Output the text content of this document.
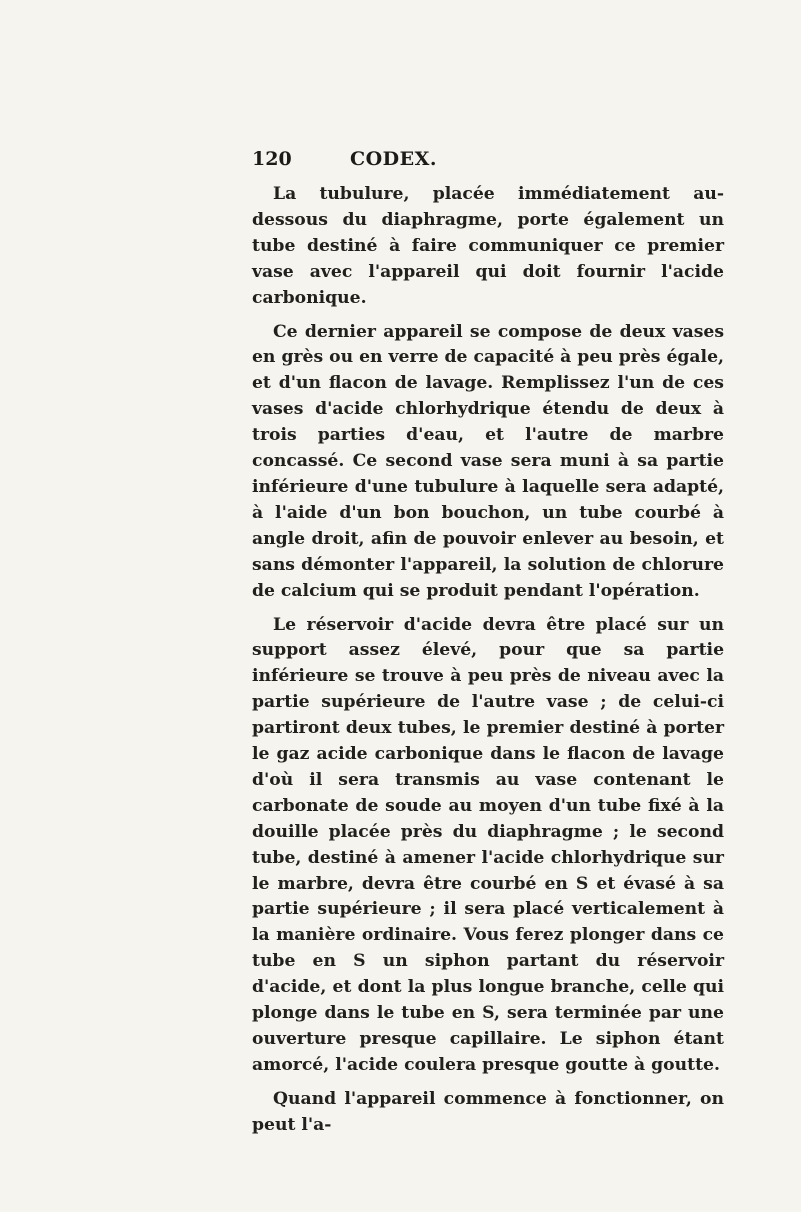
120	CODEX.

La tubulure, placée immédiatement au-dessous du diaphragme, porte également un tube destiné à faire communiquer ce premier vase avec l'appareil qui doit fournir l'acide carbonique.

Ce dernier appareil se compose de deux vases en grès ou en verre de capacité à peu près égale, et d'un flacon de lavage. Remplissez l'un de ces vases d'acide chlorhydrique étendu de deux à trois parties d'eau, et l'autre de marbre concassé. Ce second vase sera muni à sa partie inférieure d'une tubulure à laquelle sera adapté, à l'aide d'un bon bouchon, un tube courbé à angle droit, afin de pouvoir enlever au besoin, et sans démonter l'appareil, la solution de chlorure de calcium qui se produit pendant l'opération.

Le réservoir d'acide devra être placé sur un support assez élevé, pour que sa partie inférieure se trouve à peu près de niveau avec la partie supérieure de l'autre vase ; de celui-ci partiront deux tubes, le premier destiné à porter le gaz acide carbonique dans le flacon de lavage d'où il sera transmis au vase contenant le carbonate de soude au moyen d'un tube fixé à la douille placée près du diaphragme ; le second tube, destiné à amener l'acide chlorhydrique sur le marbre, devra être courbé en S et évasé à sa partie supérieure ; il sera placé verticalement à la manière ordinaire. Vous ferez plonger dans ce tube en S un siphon partant du réservoir d'acide, et dont la plus longue branche, celle qui plonge dans le tube en S, sera terminée par une ouverture presque capillaire. Le siphon étant amorcé, l'acide coulera presque goutte à goutte.

Quand l'appareil commence à fonctionner, on peut l'a-
